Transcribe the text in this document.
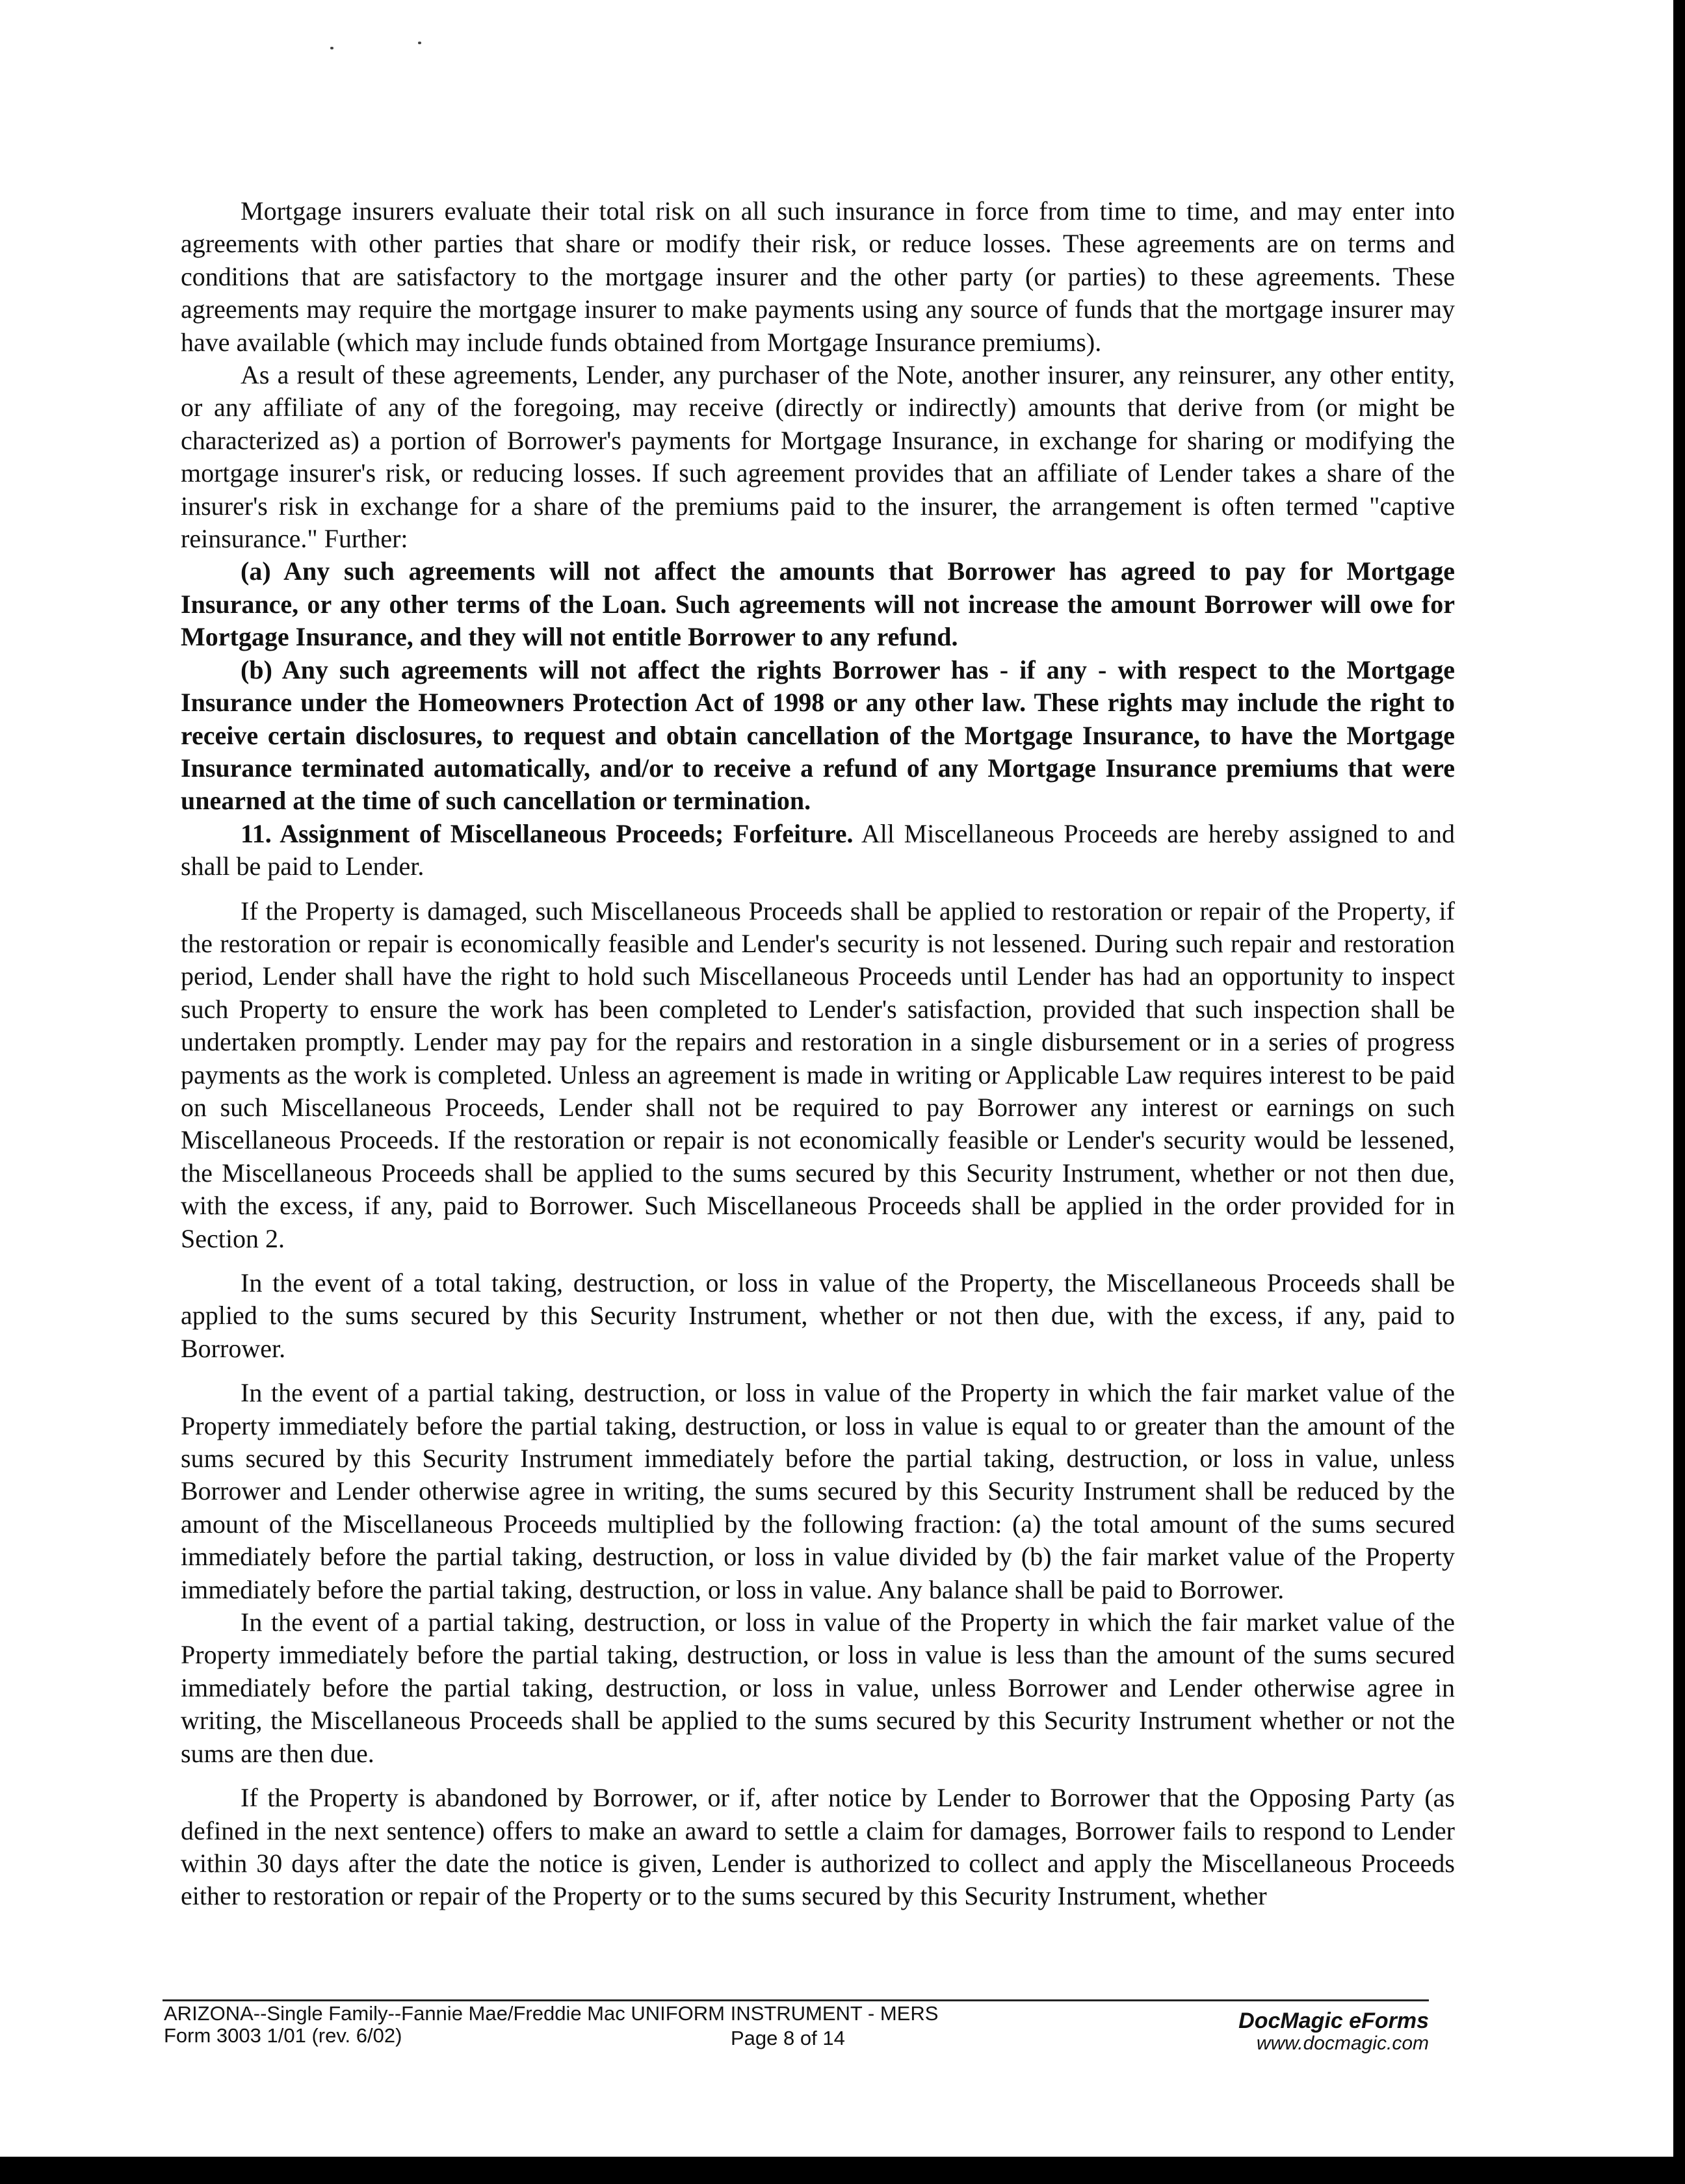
Mortgage insurers evaluate their total risk on all such insurance in force from time to time, and may enter into agreements with other parties that share or modify their risk, or reduce losses. These agreements are on terms and conditions that are satisfactory to the mortgage insurer and the other party (or parties) to these agreements. These agreements may require the mortgage insurer to make payments using any source of funds that the mortgage insurer may have available (which may include funds obtained from Mortgage Insurance premiums).

As a result of these agreements, Lender, any purchaser of the Note, another insurer, any reinsurer, any other entity, or any affiliate of any of the foregoing, may receive (directly or indirectly) amounts that derive from (or might be characterized as) a portion of Borrower's payments for Mortgage Insurance, in exchange for sharing or modifying the mortgage insurer's risk, or reducing losses. If such agreement provides that an affiliate of Lender takes a share of the insurer's risk in exchange for a share of the premiums paid to the insurer, the arrangement is often termed "captive reinsurance." Further:

(a) Any such agreements will not affect the amounts that Borrower has agreed to pay for Mortgage Insurance, or any other terms of the Loan. Such agreements will not increase the amount Borrower will owe for Mortgage Insurance, and they will not entitle Borrower to any refund.

(b) Any such agreements will not affect the rights Borrower has - if any - with respect to the Mortgage Insurance under the Homeowners Protection Act of 1998 or any other law. These rights may include the right to receive certain disclosures, to request and obtain cancellation of the Mortgage Insurance, to have the Mortgage Insurance terminated automatically, and/or to receive a refund of any Mortgage Insurance premiums that were unearned at the time of such cancellation or termination.

11. Assignment of Miscellaneous Proceeds; Forfeiture. All Miscellaneous Proceeds are hereby assigned to and shall be paid to Lender.

If the Property is damaged, such Miscellaneous Proceeds shall be applied to restoration or repair of the Property, if the restoration or repair is economically feasible and Lender's security is not lessened. During such repair and restoration period, Lender shall have the right to hold such Miscellaneous Proceeds until Lender has had an opportunity to inspect such Property to ensure the work has been completed to Lender's satisfaction, provided that such inspection shall be undertaken promptly. Lender may pay for the repairs and restoration in a single disbursement or in a series of progress payments as the work is completed. Unless an agreement is made in writing or Applicable Law requires interest to be paid on such Miscellaneous Proceeds, Lender shall not be required to pay Borrower any interest or earnings on such Miscellaneous Proceeds. If the restoration or repair is not economically feasible or Lender's security would be lessened, the Miscellaneous Proceeds shall be applied to the sums secured by this Security Instrument, whether or not then due, with the excess, if any, paid to Borrower. Such Miscellaneous Proceeds shall be applied in the order provided for in Section 2.

In the event of a total taking, destruction, or loss in value of the Property, the Miscellaneous Proceeds shall be applied to the sums secured by this Security Instrument, whether or not then due, with the excess, if any, paid to Borrower.

In the event of a partial taking, destruction, or loss in value of the Property in which the fair market value of the Property immediately before the partial taking, destruction, or loss in value is equal to or greater than the amount of the sums secured by this Security Instrument immediately before the partial taking, destruction, or loss in value, unless Borrower and Lender otherwise agree in writing, the sums secured by this Security Instrument shall be reduced by the amount of the Miscellaneous Proceeds multiplied by the following fraction: (a) the total amount of the sums secured immediately before the partial taking, destruction, or loss in value divided by (b) the fair market value of the Property immediately before the partial taking, destruction, or loss in value. Any balance shall be paid to Borrower.

In the event of a partial taking, destruction, or loss in value of the Property in which the fair market value of the Property immediately before the partial taking, destruction, or loss in value is less than the amount of the sums secured immediately before the partial taking, destruction, or loss in value, unless Borrower and Lender otherwise agree in writing, the Miscellaneous Proceeds shall be applied to the sums secured by this Security Instrument whether or not the sums are then due.

If the Property is abandoned by Borrower, or if, after notice by Lender to Borrower that the Opposing Party (as defined in the next sentence) offers to make an award to settle a claim for damages, Borrower fails to respond to Lender within 30 days after the date the notice is given, Lender is authorized to collect and apply the Miscellaneous Proceeds either to restoration or repair of the Property or to the sums secured by this Security Instrument, whether

ARIZONA--Single Family--Fannie Mae/Freddie Mac UNIFORM INSTRUMENT - MERS
Form 3003 1/01 (rev. 6/02)	Page 8 of 14
DocMagic eForms
www.docmagic.com
